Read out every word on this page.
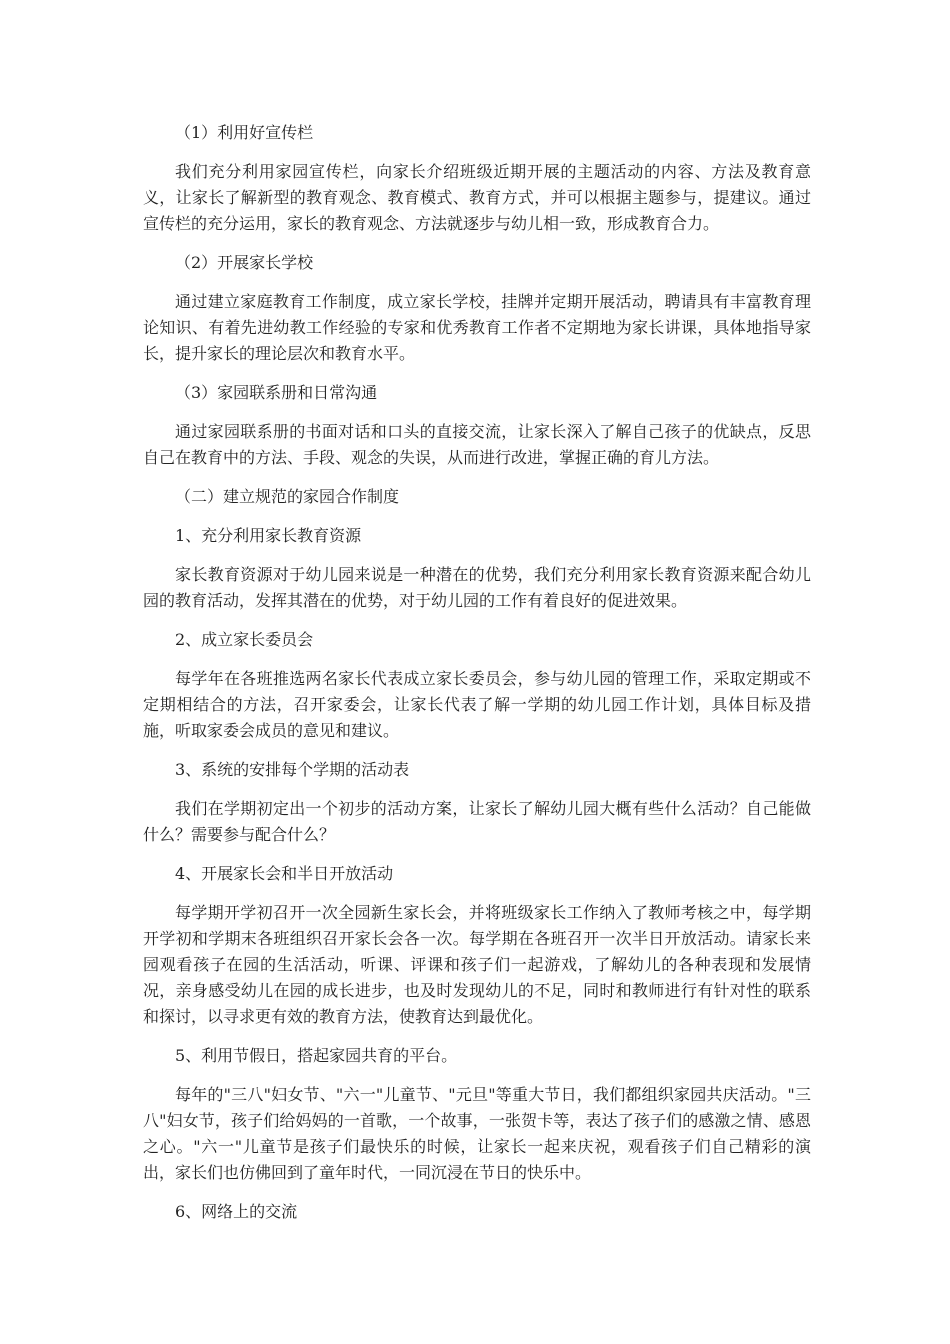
（1）利用好宣传栏

我们充分利用家园宣传栏，向家长介绍班级近期开展的主题活动的内容、方法及教育意义，让家长了解新型的教育观念、教育模式、教育方式，并可以根据主题参与，提建议。通过宣传栏的充分运用，家长的教育观念、方法就逐步与幼儿相一致，形成教育合力。

（2）开展家长学校

通过建立家庭教育工作制度，成立家长学校，挂牌并定期开展活动，聘请具有丰富教育理论知识、有着先进幼教工作经验的专家和优秀教育工作者不定期地为家长讲课，具体地指导家长，提升家长的理论层次和教育水平。

（3）家园联系册和日常沟通

通过家园联系册的书面对话和口头的直接交流，让家长深入了解自己孩子的优缺点，反思自己在教育中的方法、手段、观念的失误，从而进行改进，掌握正确的育儿方法。

（二）建立规范的家园合作制度
1、充分利用家长教育资源

家长教育资源对于幼儿园来说是一种潜在的优势，我们充分利用家长教育资源来配合幼儿园的教育活动，发挥其潜在的优势，对于幼儿园的工作有着良好的促进效果。

2、成立家长委员会

每学年在各班推选两名家长代表成立家长委员会，参与幼儿园的管理工作，采取定期或不定期相结合的方法，召开家委会，让家长代表了解一学期的幼儿园工作计划，具体目标及措施，听取家委会成员的意见和建议。

3、系统的安排每个学期的活动表

我们在学期初定出一个初步的活动方案，让家长了解幼儿园大概有些什么活动？自己能做什么？需要参与配合什么？

4、开展家长会和半日开放活动

每学期开学初召开一次全园新生家长会，并将班级家长工作纳入了教师考核之中，每学期开学初和学期末各班组织召开家长会各一次。每学期在各班召开一次半日开放活动。请家长来园观看孩子在园的生活活动，听课、评课和孩子们一起游戏，了解幼儿的各种表现和发展情况，亲身感受幼儿在园的成长进步，也及时发现幼儿的不足，同时和教师进行有针对性的联系和探讨，以寻求更有效的教育方法，使教育达到最优化。

5、利用节假日，搭起家园共育的平台。

每年的"三八"妇女节、"六一"儿童节、"元旦"等重大节日，我们都组织家园共庆活动。"三八"妇女节，孩子们给妈妈的一首歌，一个故事，一张贺卡等，表达了孩子们的感激之情、感恩之心。"六一"儿童节是孩子们最快乐的时候，让家长一起来庆祝，观看孩子们自己精彩的演出，家长们也仿佛回到了童年时代，一同沉浸在节日的快乐中。

6、网络上的交流
